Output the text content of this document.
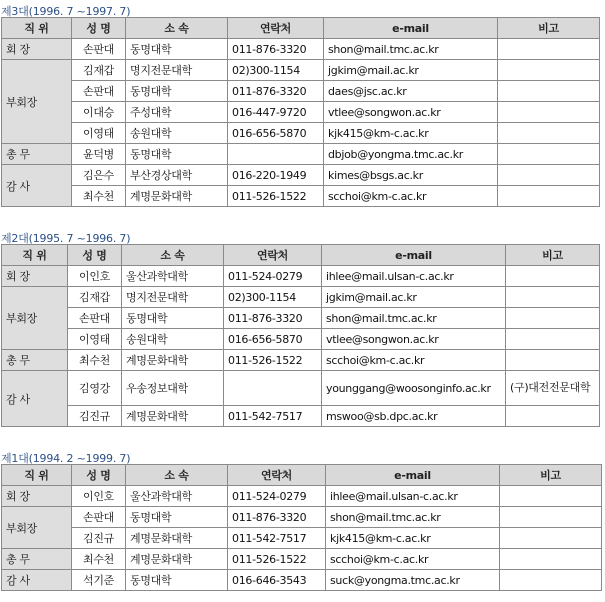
제3대(1996. 7 ~1997. 7)
직 위	성 명	소 속	연락처	e-mail	비고
회 장	손판대	동명대학	011-876-3320	shon@mail.tmc.ac.kr	
부회장	김재갑	명지전문대학	02)300-1154	jgkim@mail.ac.kr	
	손판대	동명대학	011-876-3320	daes@jsc.ac.kr	
	이대승	주성대학	016-447-9720	vtlee@songwon.ac.kr	
	이영태	송원대학	016-656-5870	kjk415@km-c.ac.kr	
총 무	윤덕병	동명대학		dbjob@yongma.tmc.ac.kr	
감 사	김은수	부산경상대학	016-220-1949	kimes@bsgs.ac.kr	
	최수천	계명문화대학	011-526-1522	scchoi@km-c.ac.kr	
제2대(1995. 7 ~1996. 7)
직 위	성 명	소 속	연락처	e-mail	비고
회 장	이인호	울산과학대학	011-524-0279	ihlee@mail.ulsan-c.ac.kr	
부회장	김재갑	명지전문대학	02)300-1154	jgkim@mail.ac.kr	
	손판대	동명대학	011-876-3320	shon@mail.tmc.ac.kr	
	이영태	송원대학	016-656-5870	vtlee@songwon.ac.kr	
총 무	최수천	계명문화대학	011-526-1522	scchoi@km-c.ac.kr	
감 사	김영강	우송정보대학		younggang@woosonginfo.ac.kr	(구)대전전문대학
	김진규	계명문화대학	011-542-7517	mswoo@sb.dpc.ac.kr	
제1대(1994. 2 ~1999. 7)
직 위	성 명	소 속	연락처	e-mail	비고
회 장	이인호	울산과학대학	011-524-0279	ihlee@mail.ulsan-c.ac.kr	
부회장	손판대	동명대학	011-876-3320	shon@mail.tmc.ac.kr	
	김진규	계명문화대학	011-542-7517	kjk415@km-c.ac.kr	
총 무	최수천	계명문화대학	011-526-1522	scchoi@km-c.ac.kr	
감 사	석기준	동명대학	016-646-3543	suck@yongma.tmc.ac.kr	
